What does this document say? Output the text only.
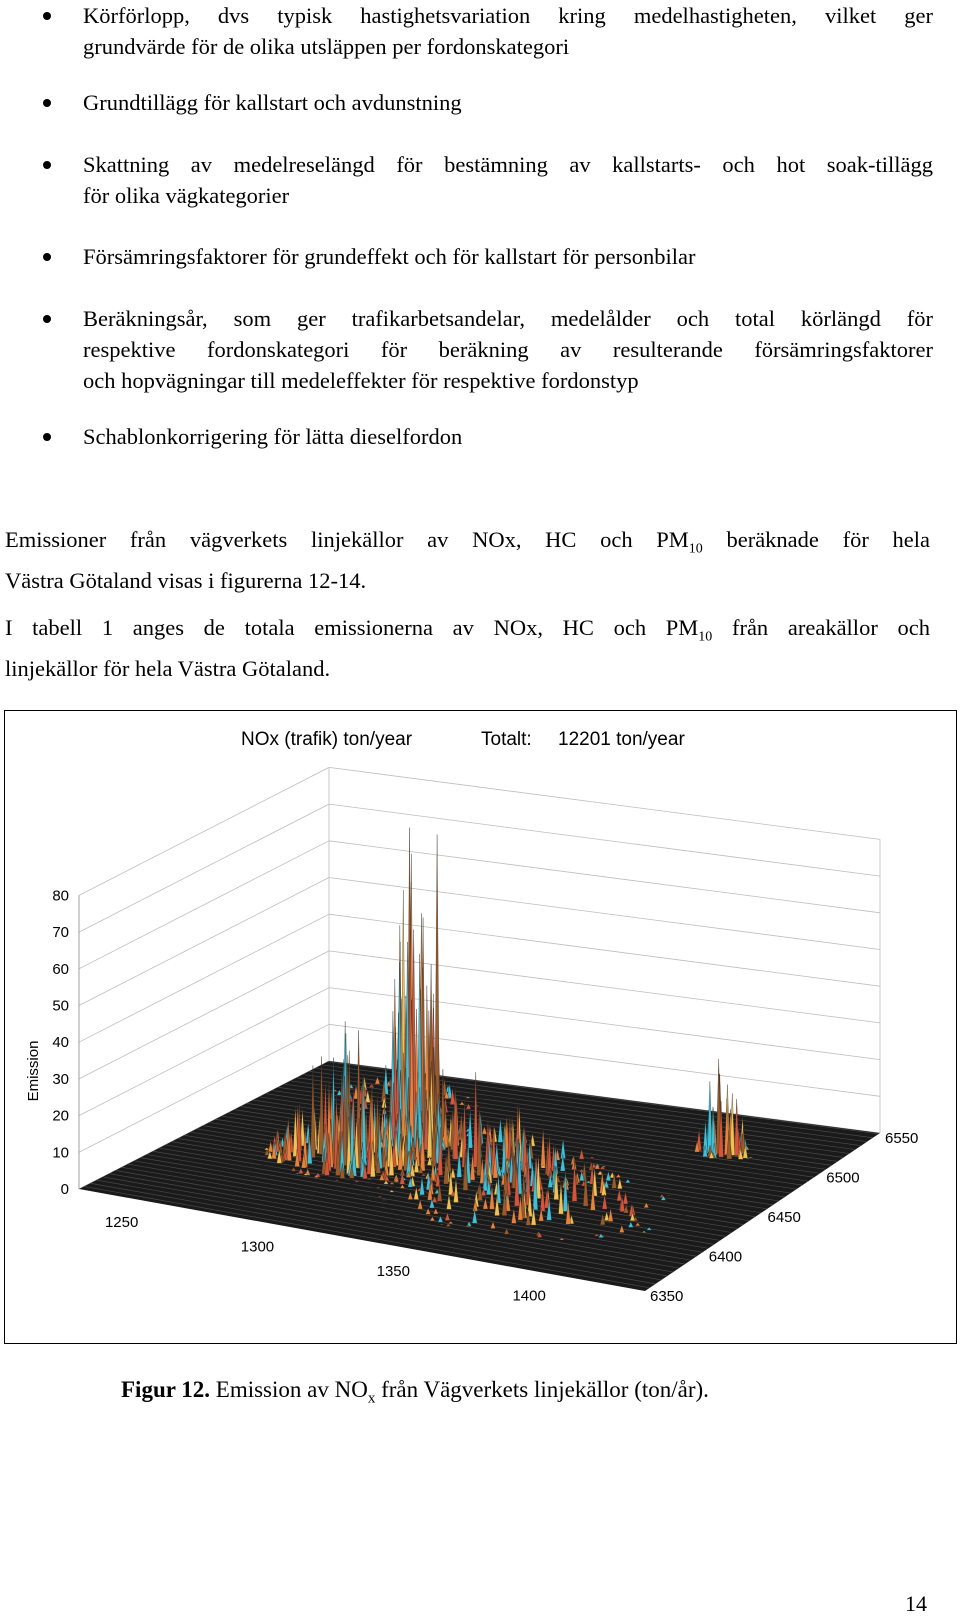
Körförlopp, dvs typisk hastighetsvariation kring medelhastigheten, vilket ger
grundvärde för de olika utsläppen per fordonskategori
Grundtillägg för kallstart och avdunstning
Skattning av medelreselängd för bestämning av kallstarts- och hot soak-tillägg
för olika vägkategorier
Försämringsfaktorer för grundeffekt och för kallstart för personbilar
Beräkningsår, som ger trafikarbetsandelar, medelålder och total körlängd för
respektive fordonskategori för beräkning av resulterande försämringsfaktorer
och hopvägningar till medeleffekter för respektive fordonstyp
Schablonkorrigering för lätta dieselfordon
Emissioner från vägverkets linjekällor av NOx, HC och $PM_{10}$ beräknade för hela
Västra Götaland visas i figurerna 12-14.
I tabell 1 anges de totala emissionerna av NOx, HC och $PM_{10}$ från areakällor och
linjekällor för hela Västra Götaland.
NOx (trafik) ton/year	Totalt: 12201 ton/year
0
10
20
30
40
50
60
70
80
1250
1300
1350
1400	6350
6400
6450
6500
6550
Emission
Figur 12. Emission av $NO_x$ från Vägverkets linjekällor (ton/år).
14
